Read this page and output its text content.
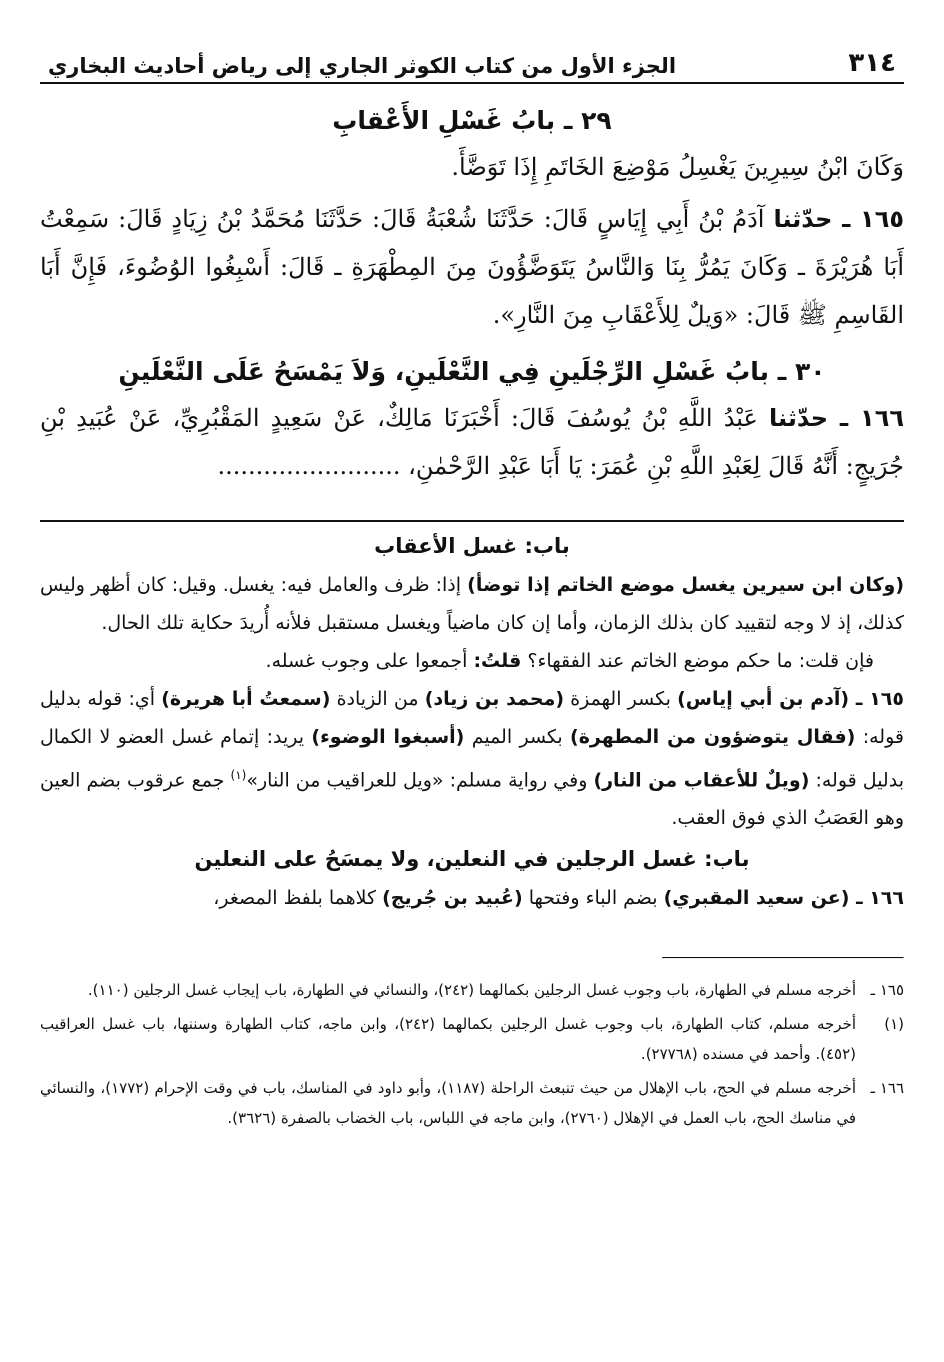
٣١٤
الجزء الأول من كتاب الكوثر الجاري إلى رياض أحاديث البخاري
٢٩ ـ بابُ غَسْلِ الأَعْقابِ

وَكَانَ ابْنُ سِيرِينَ يَغْسِلُ مَوْضِعَ الخَاتَمِ إِذَا تَوَضَّأَ.

١٦٥ ـ حدّثنا آدَمُ بْنُ أَبِي إِيَاسٍ قَالَ: حَدَّثَنَا شُعْبَةُ قَالَ: حَدَّثَنَا مُحَمَّدُ بْنُ زِيَادٍ قَالَ: سَمِعْتُ أَبَا هُرَيْرَةَ ـ وَكَانَ يَمُرُّ بِنَا وَالنَّاسُ يَتَوَضَّؤُونَ مِنَ المِطْهَرَةِ ـ قَالَ: أَسْبِغُوا الوُضُوءَ، فَإِنَّ أَبَا القَاسِمِ ﷺ قَالَ: «وَيلٌ لِلأَعْقَابِ مِنَ النَّارِ».

٣٠ ـ بابُ غَسْلِ الرِّجْلَينِ فِي النَّعْلَينِ، وَلاَ يَمْسَحُ عَلَى النَّعْلَينِ

١٦٦ ـ حدّثنا عَبْدُ اللَّهِ بْنُ يُوسُفَ قَالَ: أَخْبَرَنَا مَالِكٌ، عَنْ سَعِيدٍ المَقْبُرِيِّ، عَنْ عُبَيدِ بْنِ جُرَيجٍ: أَنَّهُ قَالَ لِعَبْدِ اللَّهِ بْنِ عُمَرَ: يَا أَبَا عَبْدِ الرَّحْمٰنِ، ........................

باب: غسل الأعقاب

(وكان ابن سيرين يغسل موضع الخاتم إذا توضأ) إذا: ظرف والعامل فيه: يغسل. وقيل: كان أظهر وليس كذلك، إذ لا وجه لتقييد كان بذلك الزمان، وأما إن كان ماضياً ويغسل مستقبل فلأنه أُريدَ حكاية تلك الحال.

فإن قلت: ما حكم موضع الخاتم عند الفقهاء؟ قلتُ: أجمعوا على وجوب غسله.

١٦٥ ـ (آدم بن أبي إياس) بكسر الهمزة (محمد بن زياد) من الزيادة (سمعتُ أبا هريرة) أي: قوله بدليل قوله: (فقال يتوضؤون من المطهرة) بكسر الميم (أسبغوا الوضوء) يريد: إتمام غسل العضو لا الكمال بدليل قوله: (ويلٌ للأعقاب من النار) وفي رواية مسلم: «ويل للعراقيب من النار»$^{(١)}$ جمع عرقوب بضم العين وهو العَصَبُ الذي فوق العقب.

باب: غسل الرجلين في النعلين، ولا يمسَحُ على النعلين

١٦٦ ـ (عن سعيد المقبري) بضم الباء وفتحها (عُبيد بن جُريج) كلاهما بلفظ المصغر،

١٦٥ ـ
أخرجه مسلم في الطهارة، باب وجوب غسل الرجلين بكمالهما (٢٤٢)، والنسائي في الطهارة، باب إيجاب غسل الرجلين (١١٠).
(١)
أخرجه مسلم، كتاب الطهارة، باب وجوب غسل الرجلين بكمالهما (٢٤٢)، وابن ماجه، كتاب الطهارة وسننها، باب غسل العراقيب (٤٥٢). وأحمد في مسنده (٢٧٧٦٨).
١٦٦ ـ
أخرجه مسلم في الحج، باب الإهلال من حيث تنبعث الراحلة (١١٨٧)، وأبو داود في المناسك، باب في وقت الإحرام (١٧٧٢)، والنسائي في مناسك الحج، باب العمل في الإهلال (٢٧٦٠)، وابن ماجه في اللباس، باب الخضاب بالصفرة (٣٦٢٦).
